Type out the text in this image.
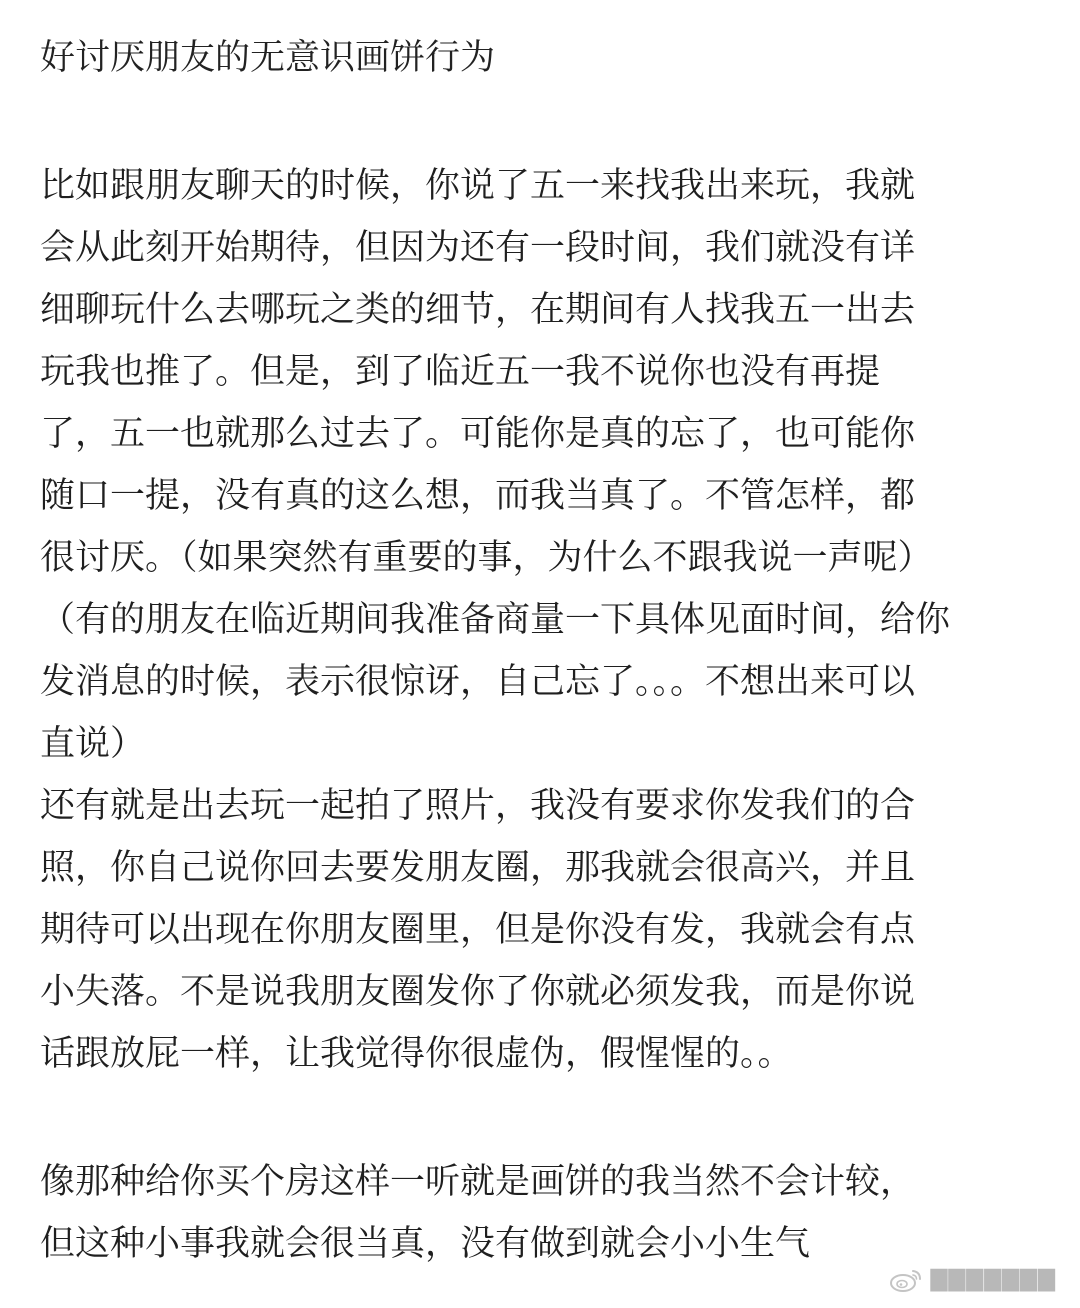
好讨厌朋友的无意识画饼行为
比如跟朋友聊天的时候，你说了五一来找我出来玩，我就
会从此刻开始期待，但因为还有一段时间，我们就没有详
细聊玩什么去哪玩之类的细节，在期间有人找我五一出去
玩我也推了。但是，到了临近五一我不说你也没有再提
了，五一也就那么过去了。可能你是真的忘了，也可能你
随口一提，没有真的这么想，而我当真了。不管怎样，都
很讨厌。（如果突然有重要的事，为什么不跟我说一声呢）
（有的朋友在临近期间我准备商量一下具体见面时间，给你
发消息的时候，表示很惊讶，自己忘了。。。不想出来可以
直说）
还有就是出去玩一起拍了照片，我没有要求你发我们的合
照，你自己说你回去要发朋友圈，那我就会很高兴，并且
期待可以出现在你朋友圈里，但是你没有发，我就会有点
小失落。不是说我朋友圈发你了你就必须发我，而是你说
话跟放屁一样，让我觉得你很虚伪，假惺惺的。。
像那种给你买个房这样一听就是画饼的我当然不会计较，
但这种小事我就会很当真，没有做到就会小小生气
▇▇▇▇▇▇▇
